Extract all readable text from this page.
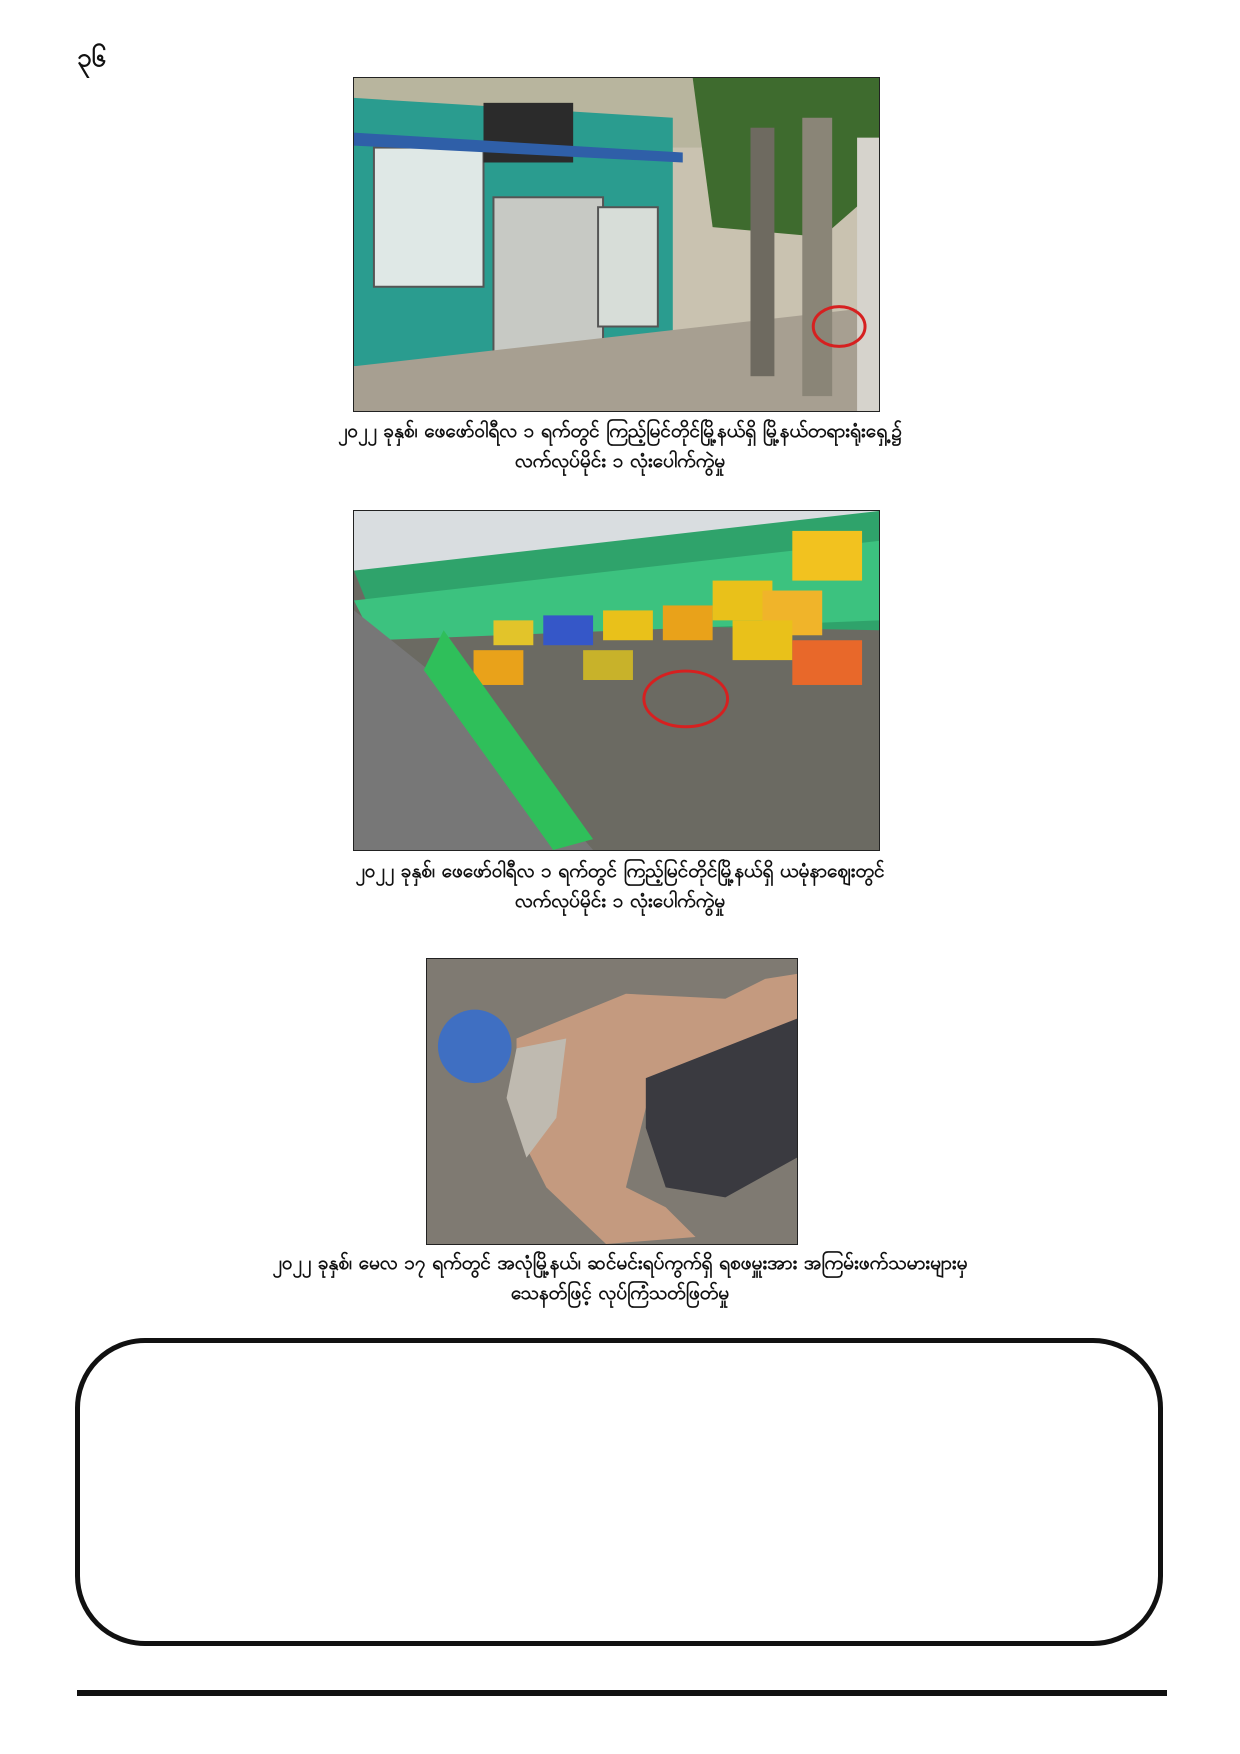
၃၆
၂၀၂၂ ခုနှစ်၊ ဖေဖော်ဝါရီလ ၁ ရက်တွင် ကြည့်မြင်တိုင်မြို့နယ်ရှိ မြို့နယ်တရားရုံးရှေ့၌
လက်လုပ်မိုင်း ၁ လုံးပေါက်ကွဲမှု
၂၀၂၂ ခုနှစ်၊ ဖေဖော်ဝါရီလ ၁ ရက်တွင် ကြည့်မြင်တိုင်မြို့နယ်ရှိ ယမုံနာဈေးတွင်
လက်လုပ်မိုင်း ၁ လုံးပေါက်ကွဲမှု
၂၀၂၂ ခုနှစ်၊ မေလ ၁၇ ရက်တွင် အလုံမြို့နယ်၊ ဆင်မင်းရပ်ကွက်ရှိ ရစဖမှူးအား အကြမ်းဖက်သမားများမှ
သေနတ်ဖြင့် လုပ်ကြံသတ်ဖြတ်မှု
